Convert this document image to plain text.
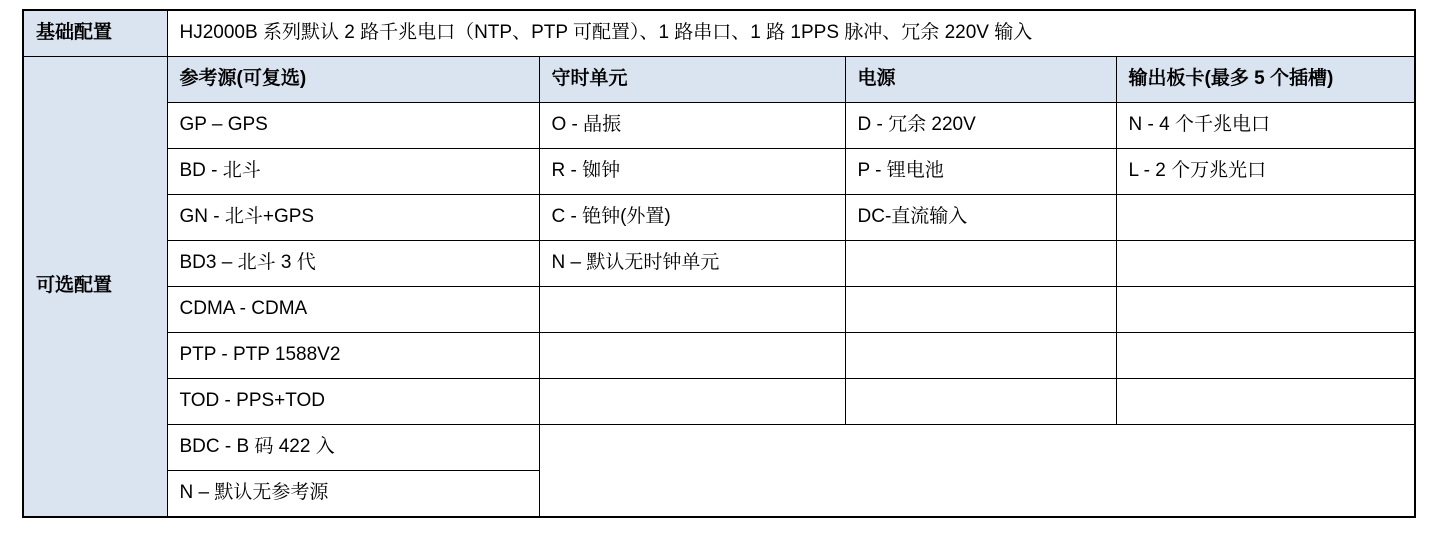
基础配置	HJ2000B 系列默认 2 路千兆电口（NTP、PTP 可配置）、1 路串口、1 路 1PPS 脉冲、冗余 220V 输入			
可选配置	参考源(可复选)	守时单元	电源	输出板卡(最多 5 个插槽)
	GP – GPS	O - 晶振	D - 冗余 220V	N - 4 个千兆电口
	BD - 北斗	R - 铷钟	P - 锂电池	L - 2 个万兆光口
	GN - 北斗+GPS	C - 铯钟(外置)	DC-直流输入	
	BD3 – 北斗 3 代	N – 默认无时钟单元		
	CDMA - CDMA			
	PTP - PTP 1588V2			
	TOD - PPS+TOD			
	BDC - B 码 422 入			
	N – 默认无参考源			
